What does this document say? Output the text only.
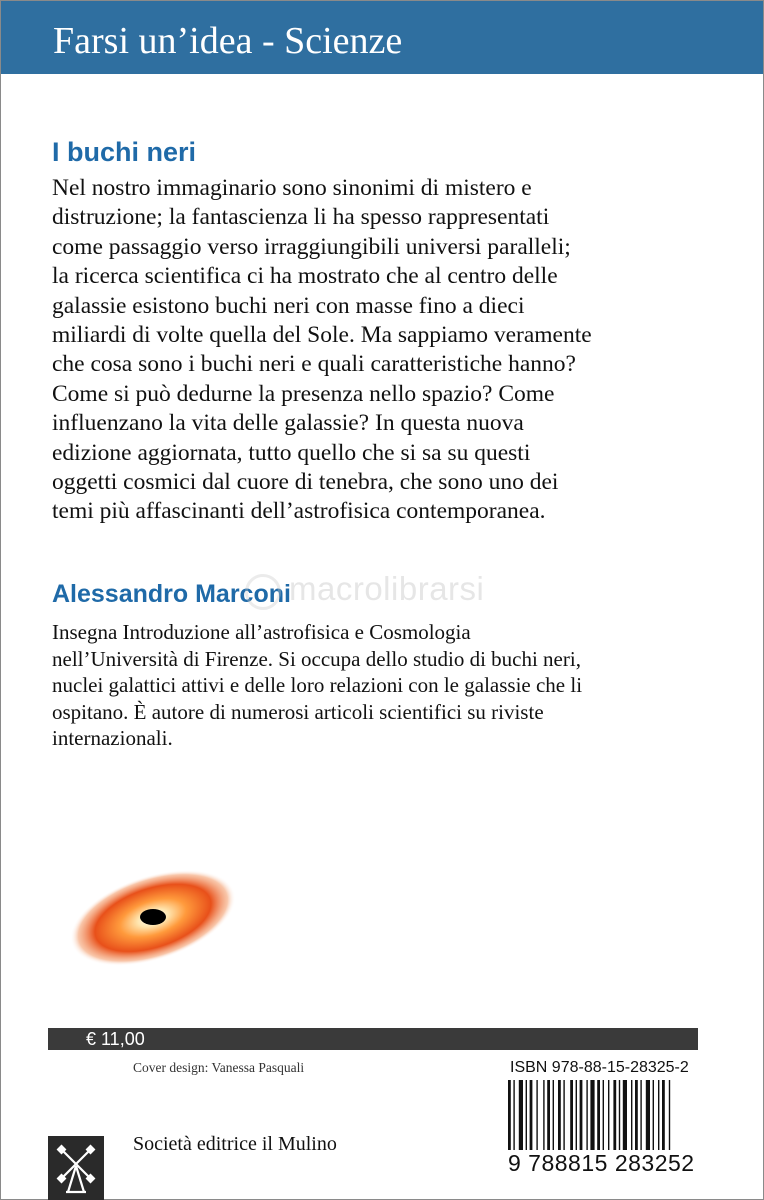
Farsi un’idea - Scienze
I buchi neri
Nel nostro immaginario sono sinonimi di mistero e
distruzione; la fantascienza li ha spesso rappresentati
come passaggio verso irraggiungibili universi paralleli;
la ricerca scientifica ci ha mostrato che al centro delle
galassie esistono buchi neri con masse fino a dieci
miliardi di volte quella del Sole. Ma sappiamo veramente
che cosa sono i buchi neri e quali caratteristiche hanno?
Come si può dedurne la presenza nello spazio? Come
influenzano la vita delle galassie? In questa nuova
edizione aggiornata, tutto quello che si sa su questi
oggetti cosmici dal cuore di tenebra, che sono uno dei
temi più affascinanti dell’astrofisica contemporanea.
Alessandro Marconi
macrolibrarsi
Insegna Introduzione all’astrofisica e Cosmologia
nell’Università di Firenze. Si occupa dello studio di buchi neri,
nuclei galattici attivi e delle loro relazioni con le galassie che li
ospitano. È autore di numerosi articoli scientifici su riviste
internazionali.
€ 11,00
Cover design: Vanessa Pasquali	ISBN 978-88-15-28325-2
9 788815 283252
Società editrice il Mulino
